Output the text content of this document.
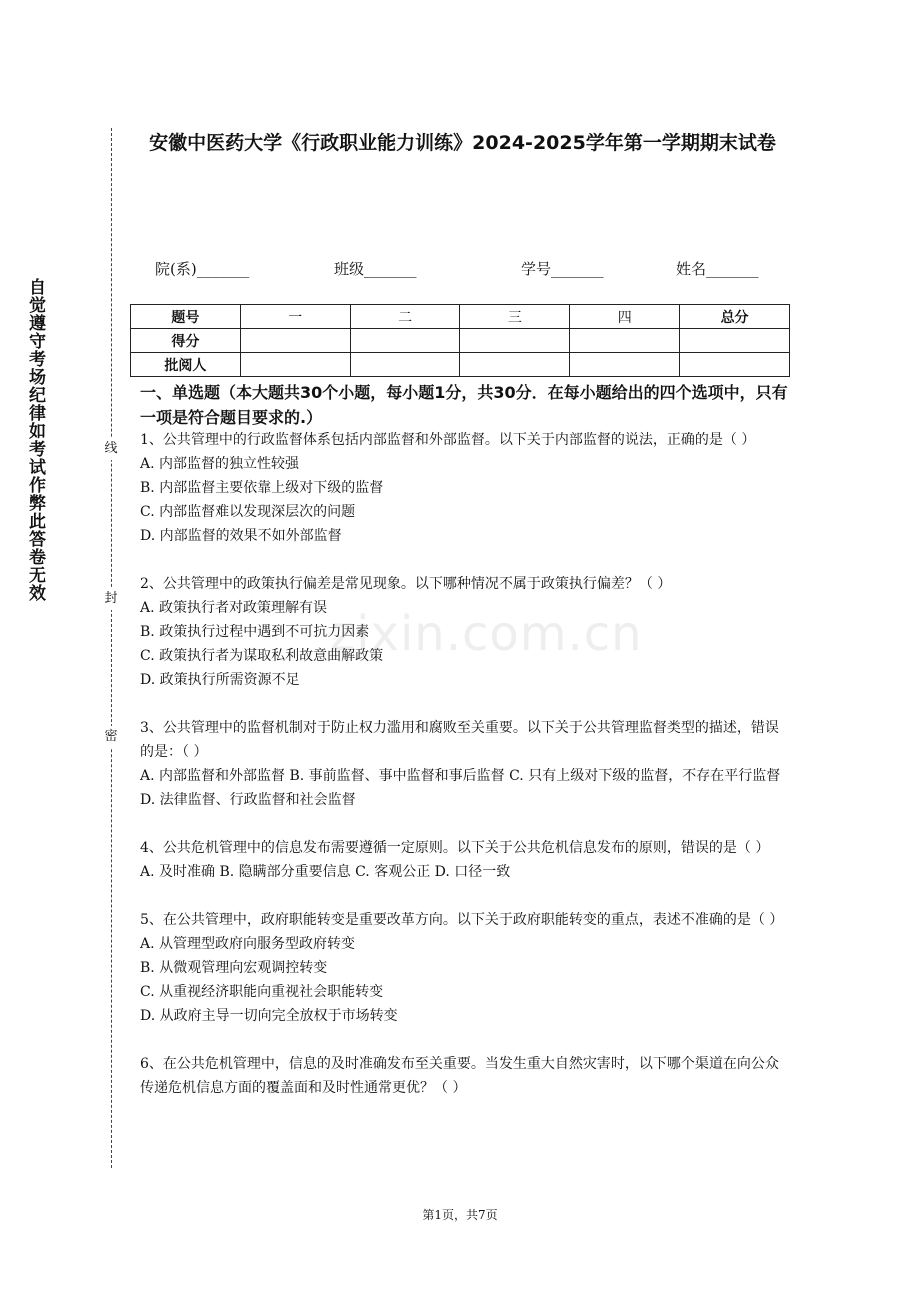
自觉遵守考场纪律如考试作弊此答卷无效	线
封
密
安徽中医药大学《行政职业能力训练》2024-2025学年第一学期期末试卷
院(系)_______	班级_______	学号_______	姓名_______
题号	一	二	三	四	总分
得分					
批阅人					
一、单选题（本大题共30个小题，每小题1分，共30分．在每小题给出的四个选项中，只有一项是符合题目要求的.）

1、公共管理中的行政监督体系包括内部监督和外部监督。以下关于内部监督的说法，正确的是（ ）

A. 内部监督的独立性较强

B. 内部监督主要依靠上级对下级的监督

C. 内部监督难以发现深层次的问题

D. 内部监督的效果不如外部监督

2、公共管理中的政策执行偏差是常见现象。以下哪种情况不属于政策执行偏差？（ ）

A. 政策执行者对政策理解有误

B. 政策执行过程中遇到不可抗力因素

C. 政策执行者为谋取私利故意曲解政策

D. 政策执行所需资源不足

3、公共管理中的监督机制对于防止权力滥用和腐败至关重要。以下关于公共管理监督类型的描述，错误的是：（ ）

A. 内部监督和外部监督 B. 事前监督、事中监督和事后监督 C. 只有上级对下级的监督，不存在平行监督 D. 法律监督、行政监督和社会监督

4、公共危机管理中的信息发布需要遵循一定原则。以下关于公共危机信息发布的原则，错误的是（ ）

A. 及时准确 B. 隐瞒部分重要信息 C. 客观公正 D. 口径一致

5、在公共管理中，政府职能转变是重要改革方向。以下关于政府职能转变的重点，表述不准确的是（ ）

A. 从管理型政府向服务型政府转变

B. 从微观管理向宏观调控转变

C. 从重视经济职能向重视社会职能转变

D. 从政府主导一切向完全放权于市场转变

6、在公共危机管理中，信息的及时准确发布至关重要。当发生重大自然灾害时，以下哪个渠道在向公众传递危机信息方面的覆盖面和及时性通常更优？（ ）

zixin.com.cn
第1页，共7页
